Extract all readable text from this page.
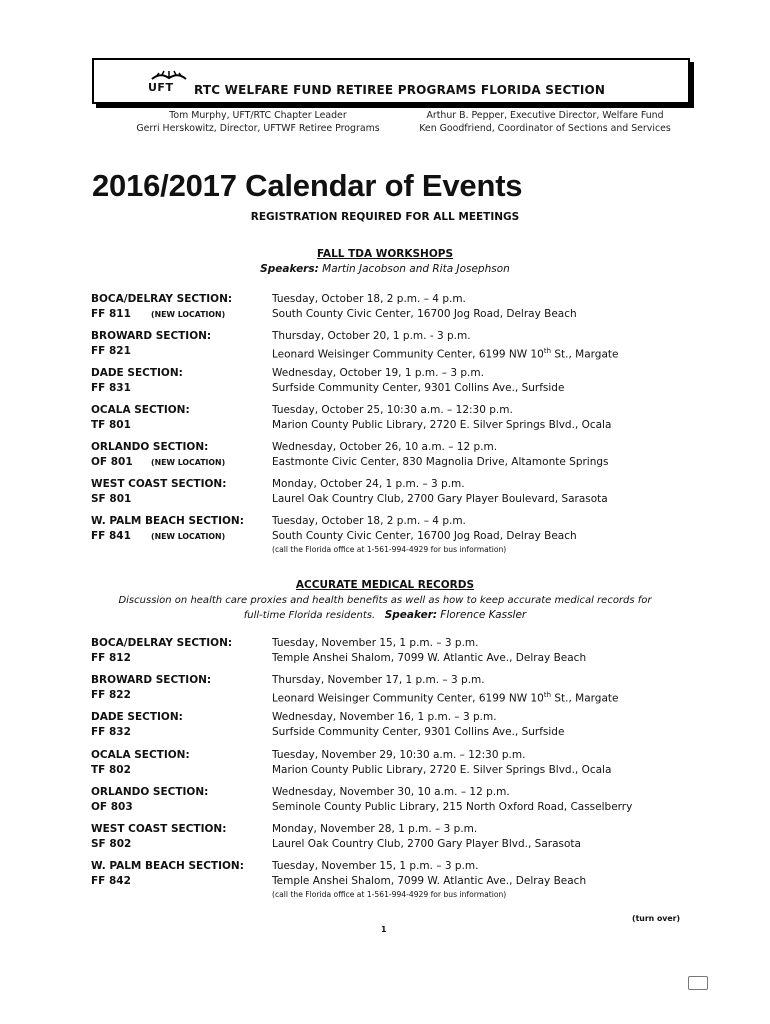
UFT RTC WELFARE FUND RETIREE PROGRAMS FLORIDA SECTION
Tom Murphy, UFT/RTC Chapter Leader
Gerri Herskowitz, Director, UFTWF Retiree Programs
Arthur B. Pepper, Executive Director, Welfare Fund
Ken Goodfriend, Coordinator of Sections and Services
2016/2017 Calendar of Events
REGISTRATION REQUIRED FOR ALL MEETINGS
FALL TDA WORKSHOPS
Speakers: Martin Jacobson and Rita Josephson
BOCA/DELRAY SECTION:
FF 811	(NEW LOCATION)
Tuesday, October 18, 2 p.m. – 4 p.m.
South County Civic Center, 16700 Jog Road, Delray Beach
BROWARD SECTION:
FF 821
Thursday, October 20, 1 p.m. - 3 p.m.
Leonard Weisinger Community Center, 6199 NW 10th St., Margate
DADE SECTION:
FF 831
Wednesday, October 19, 1 p.m. – 3 p.m.
Surfside Community Center, 9301 Collins Ave., Surfside
OCALA SECTION:
TF 801
Tuesday, October 25, 10:30 a.m. – 12:30 p.m.
Marion County Public Library, 2720 E. Silver Springs Blvd., Ocala
ORLANDO SECTION:
OF 801 (NEW LOCATION)
Wednesday, October 26, 10 a.m. – 12 p.m.
Eastmonte Civic Center, 830 Magnolia Drive, Altamonte Springs
WEST COAST SECTION:
SF 801
Monday, October 24, 1 p.m. – 3 p.m.
Laurel Oak Country Club, 2700 Gary Player Boulevard, Sarasota
W. PALM BEACH SECTION:
FF 841	(NEW LOCATION)
Tuesday, October 18, 2 p.m. – 4 p.m.
South County Civic Center, 16700 Jog Road, Delray Beach
(call the Florida office at 1-561-994-4929 for bus information)
ACCURATE MEDICAL RECORDS
Discussion on health care proxies and health benefits as well as how to keep accurate medical records for
full-time Florida residents. Speaker: Florence Kassler
BOCA/DELRAY SECTION:
FF 812
Tuesday, November 15, 1 p.m. – 3 p.m.
Temple Anshei Shalom, 7099 W. Atlantic Ave., Delray Beach
BROWARD SECTION:
FF 822
Thursday, November 17, 1 p.m. – 3 p.m.
Leonard Weisinger Community Center, 6199 NW 10th St., Margate
DADE SECTION:
FF 832
Wednesday, November 16, 1 p.m. – 3 p.m.
Surfside Community Center, 9301 Collins Ave., Surfside
OCALA SECTION:
TF 802
Tuesday, November 29, 10:30 a.m. – 12:30 p.m.
Marion County Public Library, 2720 E. Silver Springs Blvd., Ocala
ORLANDO SECTION:
OF 803
Wednesday, November 30, 10 a.m. – 12 p.m.
Seminole County Public Library, 215 North Oxford Road, Casselberry
WEST COAST SECTION:
SF 802
Monday, November 28, 1 p.m. – 3 p.m.
Laurel Oak Country Club, 2700 Gary Player Blvd., Sarasota
W. PALM BEACH SECTION:
FF 842
Tuesday, November 15, 1 p.m. – 3 p.m.
Temple Anshei Shalom, 7099 W. Atlantic Ave., Delray Beach
(call the Florida office at 1-561-994-4929 for bus information)
(turn over)
1
